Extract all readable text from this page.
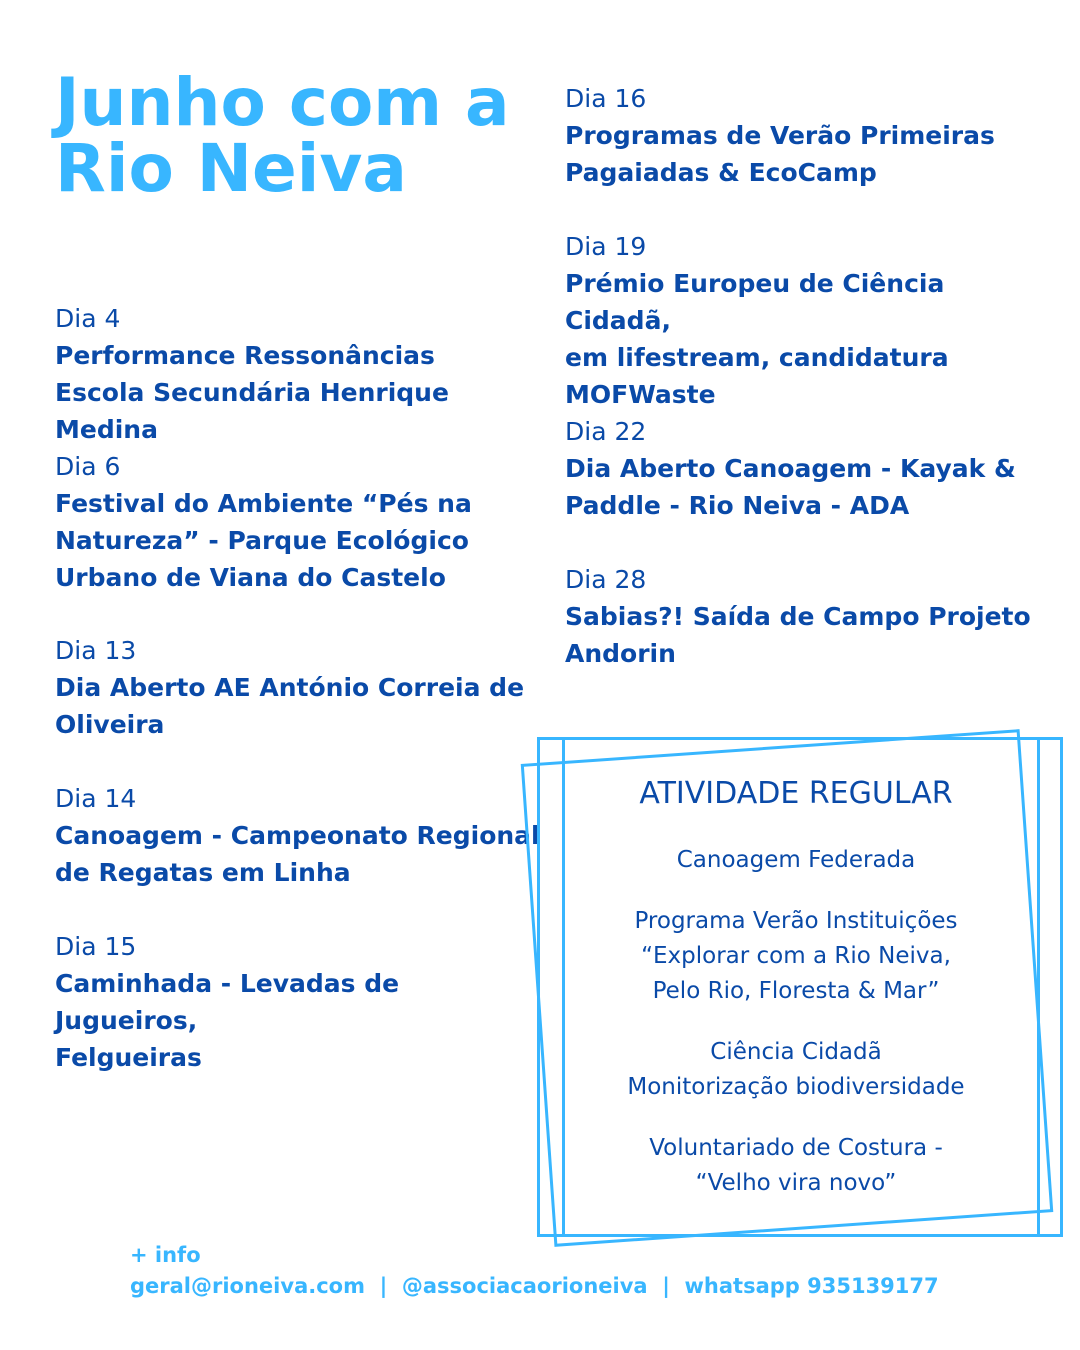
Junho com a
Rio Neiva
Dia 4
Performance Ressonâncias
Escola Secundária Henrique Medina
Dia 6
Festival do Ambiente “Pés na
Natureza” - Parque Ecológico
Urbano de Viana do Castelo
Dia 13
Dia Aberto AE António Correia de
Oliveira
Dia 14
Canoagem - Campeonato Regional
de Regatas em Linha
Dia 15
Caminhada - Levadas de Jugueiros,
Felgueiras
Dia 16
Programas de Verão Primeiras
Pagaiadas & EcoCamp
Dia 19
Prémio Europeu de Ciência Cidadã,
em lifestream, candidatura
MOFWaste
Dia 22
Dia Aberto Canoagem - Kayak &
Paddle - Rio Neiva - ADA
Dia 28
Sabias?! Saída de Campo Projeto
Andorin
ATIVIDADE REGULAR

Canoagem Federada

Programa Verão Instituições
“Explorar com a Rio Neiva,
Pelo Rio, Floresta & Mar”

Ciência Cidadã
Monitorização biodiversidade

Voluntariado de Costura -
“Velho vira novo”

+ info
geral@rioneiva.com | @associacaorioneiva | whatsapp 935139177
